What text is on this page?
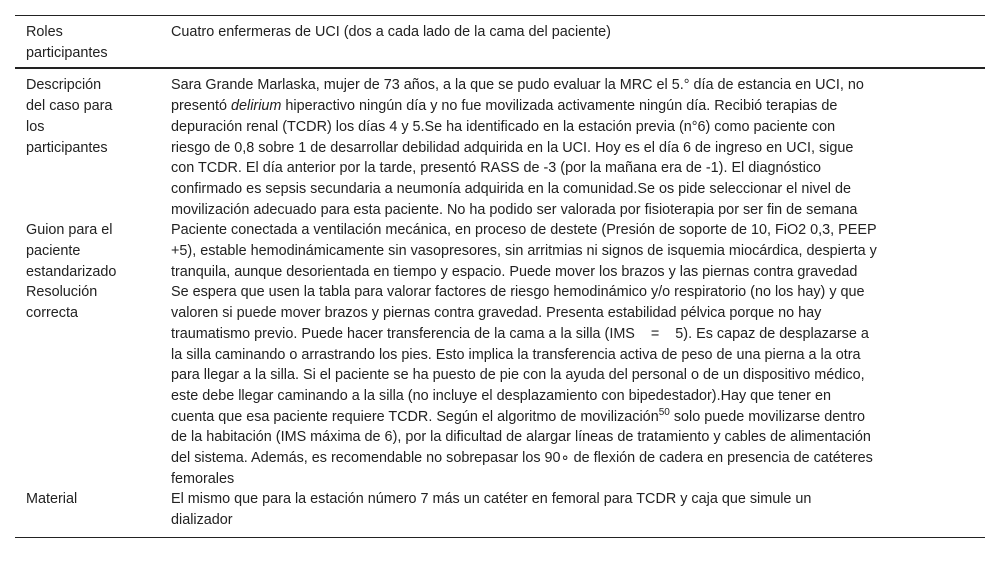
Roles
participantes
Cuatro enfermeras de UCI (dos a cada lado de la cama del paciente)
Descripción
del caso para
los
participantes
Sara Grande Marlaska, mujer de 73 años, a la que se pudo evaluar la MRC el 5.° día de estancia en UCI, no
presentó delirium hiperactivo ningún día y no fue movilizada activamente ningún día. Recibió terapias de
depuración renal (TCDR) los días 4 y 5.Se ha identificado en la estación previa (n°6) como paciente con
riesgo de 0,8 sobre 1 de desarrollar debilidad adquirida en la UCI. Hoy es el día 6 de ingreso en UCI, sigue
con TCDR. El día anterior por la tarde, presentó RASS de -3 (por la mañana era de -1). El diagnóstico
confirmado es sepsis secundaria a neumonía adquirida en la comunidad.Se os pide seleccionar el nivel de
movilización adecuado para esta paciente. No ha podido ser valorada por fisioterapia por ser fin de semana
Guion para el
paciente
estandarizado
Paciente conectada a ventilación mecánica, en proceso de destete (Presión de soporte de 10, FiO2 0,3, PEEP
+5), estable hemodinámicamente sin vasopresores, sin arritmias ni signos de isquemia miocárdica, despierta y
tranquila, aunque desorientada en tiempo y espacio. Puede mover los brazos y las piernas contra gravedad
Resolución
correcta
Se espera que usen la tabla para valorar factores de riesgo hemodinámico y/o respiratorio (no los hay) y que
valoren si puede mover brazos y piernas contra gravedad. Presenta estabilidad pélvica porque no hay
traumatismo previo. Puede hacer transferencia de la cama a la silla (IMS    =    5). Es capaz de desplazarse a
la silla caminando o arrastrando los pies. Esto implica la transferencia activa de peso de una pierna a la otra
para llegar a la silla. Si el paciente se ha puesto de pie con la ayuda del personal o de un dispositivo médico,
este debe llegar caminando a la silla (no incluye el desplazamiento con bipedestador).Hay que tener en
cuenta que esa paciente requiere TCDR. Según el algoritmo de movilización$^{50}$ solo puede movilizarse dentro
de la habitación (IMS máxima de 6), por la dificultad de alargar líneas de tratamiento y cables de alimentación
del sistema. Además, es recomendable no sobrepasar los 90∘ de flexión de cadera en presencia de catéteres
femorales
Material	El mismo que para la estación número 7 más un catéter en femoral para TCDR y caja que simule un
dializador
